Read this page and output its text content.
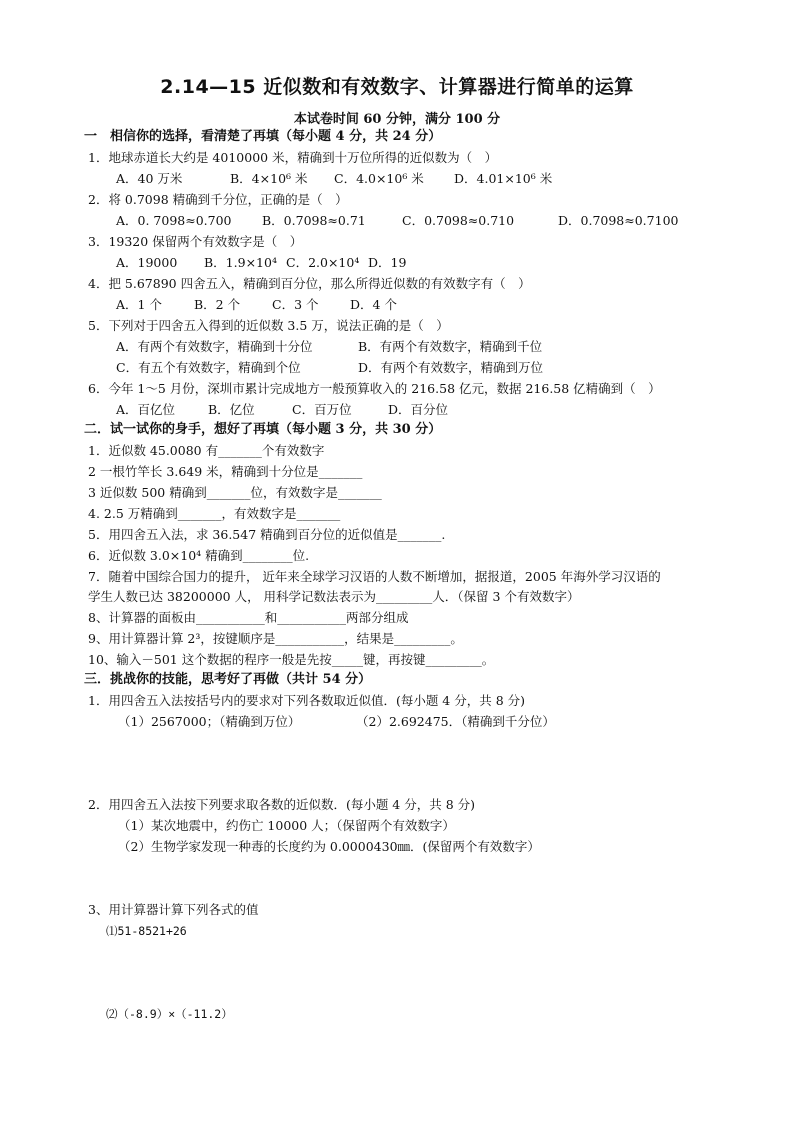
2.14—15 近似数和有效数字、计算器进行简单的运算
本试卷时间 60 分钟，满分 100 分
一　相信你的选择，看清楚了再填（每小题 4 分，共 24 分）
1．地球赤道长大约是 4010000 米，精确到十万位所得的近似数为（　）
A．40 万米	B．4×10⁶ 米 C．4.0×10⁶ 米 D．4.01×10⁶ 米
2．将 0.7098 精确到千分位，正确的是（　）
A．0. 7098≈0.700 B．0.7098≈0.71	C．0.7098≈0.710	D．0.7098≈0.7100
3．19320 保留两个有效数字是（　）
A．19000 B．1.9×10⁴ C．2.0×10⁴ D．19
4．把 5.67890 四舍五入，精确到百分位，那么所得近似数的有效数字有（　）
A．1 个	B．2 个	C．3 个	D．4 个
5．下列对于四舍五入得到的近似数 3.5 万，说法正确的是（　）
A．有两个有效数字，精确到十分位	B．有两个有效数字，精确到千位
C．有五个有效数字，精确到个位	D．有两个有效数字，精确到万位
6．今年 1～5 月份，深圳市累计完成地方一般预算收入的 216.58 亿元，数据 216.58 亿精确到（　）
A．百亿位	B．亿位	C．百万位	D．百分位
二．试一试你的身手，想好了再填（每小题 3 分，共 30 分）
1．近似数 45.0080 有_______个有效数字
2 一根竹竿长 3.649 米，精确到十分位是_______
3 近似数 500 精确到_______位，有效数字是_______
4. 2.5 万精确到_______，有效数字是_______
5．用四舍五入法，求 36.547 精确到百分位的近似值是_______.
6．近似数 3.0×10⁴ 精确到________位.
7．随着中国综合国力的提升， 近年来全球学习汉语的人数不断增加，据报道，2005 年海外学习汉语的
学生人数已达 38200000 人， 用科学记数法表示为_________人．（保留 3 个有效数字）
8、计算器的面板由___________和___________两部分组成
9、用计算器计算 2³，按键顺序是___________，结果是_________。
10、输入－501 这个数据的程序一般是先按_____键，再按键_________。
三．挑战你的技能，思考好了再做（共计 54 分）
1．用四舍五入法按括号内的要求对下列各数取近似值．(每小题 4 分，共 8 分)
（1）2567000；（精确到万位）	（2）2.692475．（精确到千分位）
2．用四舍五入法按下列要求取各数的近似数．(每小题 4 分，共 8 分)
（1）某次地震中，约伤亡 10000 人；（保留两个有效数字）
（2）生物学家发现一种毒的长度约为 0.0000430㎜．(保留两个有效数字）
3、用计算器计算下列各式的值
⑴51-8521+26
⑵（-8.9）×（-11.2）
